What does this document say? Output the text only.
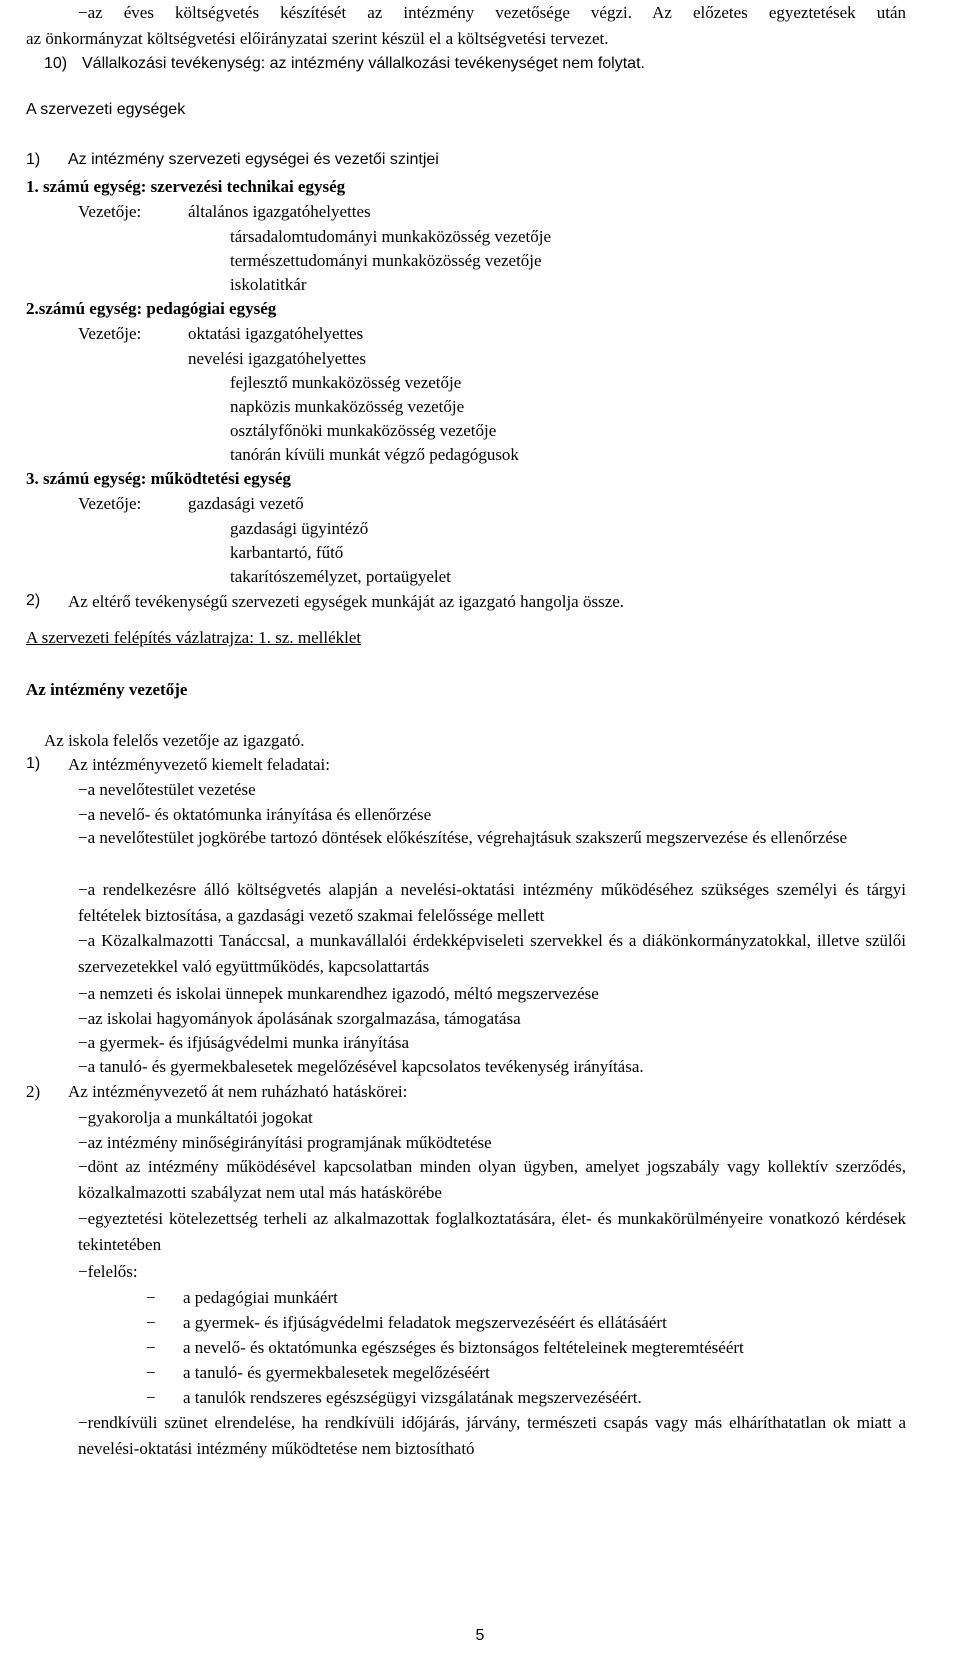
−az éves költségvetés készítését az intézmény vezetősége végzi. Az előzetes egyeztetések után
az önkormányzat költségvetési előirányzatai szerint készül el a költségvetési tervezet.
10) Vállalkozási tevékenység: az intézmény vállalkozási tevékenységet nem folytat.
A szervezeti egységek
1) Az intézmény szervezeti egységei és vezetői szintjei
1. számú egység: szervezési technikai egység
Vezetője:	általános igazgatóhelyettes
társadalomtudományi munkaközösség vezetője
természettudományi munkaközösség vezetője
iskolatitkár
2.számú egység: pedagógiai egység
Vezetője:	oktatási igazgatóhelyettes
nevelési igazgatóhelyettes
fejlesztő munkaközösség vezetője
napközis munkaközösség vezetője
osztályfőnöki munkaközösség vezetője
tanórán kívüli munkát végző pedagógusok
3. számú egység: működtetési egység
Vezetője:	gazdasági vezető
gazdasági ügyintéző
karbantartó, fűtő
takarítószemélyzet, portaügyelet
2) Az eltérő tevékenységű szervezeti egységek munkáját az igazgató hangolja össze.
A szervezeti felépítés vázlatrajza: 1. sz. melléklet
Az intézmény vezetője
Az iskola felelős vezetője az igazgató.
1) Az intézményvezető kiemelt feladatai:
−a nevelőtestület vezetése
−a nevelő- és oktatómunka irányítása és ellenőrzése
−a nevelőtestület jogkörébe tartozó döntések előkészítése, végrehajtásuk szakszerű megszervezése és ellenőrzése
−a rendelkezésre álló költségvetés alapján a nevelési-oktatási intézmény működéséhez szükséges személyi és tárgyi feltételek biztosítása, a gazdasági vezető szakmai felelőssége mellett
−a Közalkalmazotti Tanáccsal, a munkavállalói érdekképviseleti szervekkel és a diákönkormányzatokkal, illetve szülői szervezetekkel való együttműködés, kapcsolattartás
−a nemzeti és iskolai ünnepek munkarendhez igazodó, méltó megszervezése
−az iskolai hagyományok ápolásának szorgalmazása, támogatása
−a gyermek- és ifjúságvédelmi munka irányítása
−a tanuló- és gyermekbalesetek megelőzésével kapcsolatos tevékenység irányítása.
2) Az intézményvezető át nem ruházható hatáskörei:
−gyakorolja a munkáltatói jogokat
−az intézmény minőségirányítási programjának működtetése
−dönt az intézmény működésével kapcsolatban minden olyan ügyben, amelyet jogszabály vagy kollektív szerződés, közalkalmazotti szabályzat nem utal más hatáskörébe
−egyeztetési kötelezettség terheli az alkalmazottak foglalkoztatására, élet- és munkakörülményeire vonatkozó kérdések tekintetében
−felelős:
− a pedagógiai munkáért
− a gyermek- és ifjúságvédelmi feladatok megszervezéséért és ellátásáért
− a nevelő- és oktatómunka egészséges és biztonságos feltételeinek megteremtéséért
− a tanuló- és gyermekbalesetek megelőzéséért
− a tanulók rendszeres egészségügyi vizsgálatának megszervezéséért.
−rendkívüli szünet elrendelése, ha rendkívüli időjárás, járvány, természeti csapás vagy más elháríthatatlan ok miatt a nevelési-oktatási intézmény működtetése nem biztosítható
5
